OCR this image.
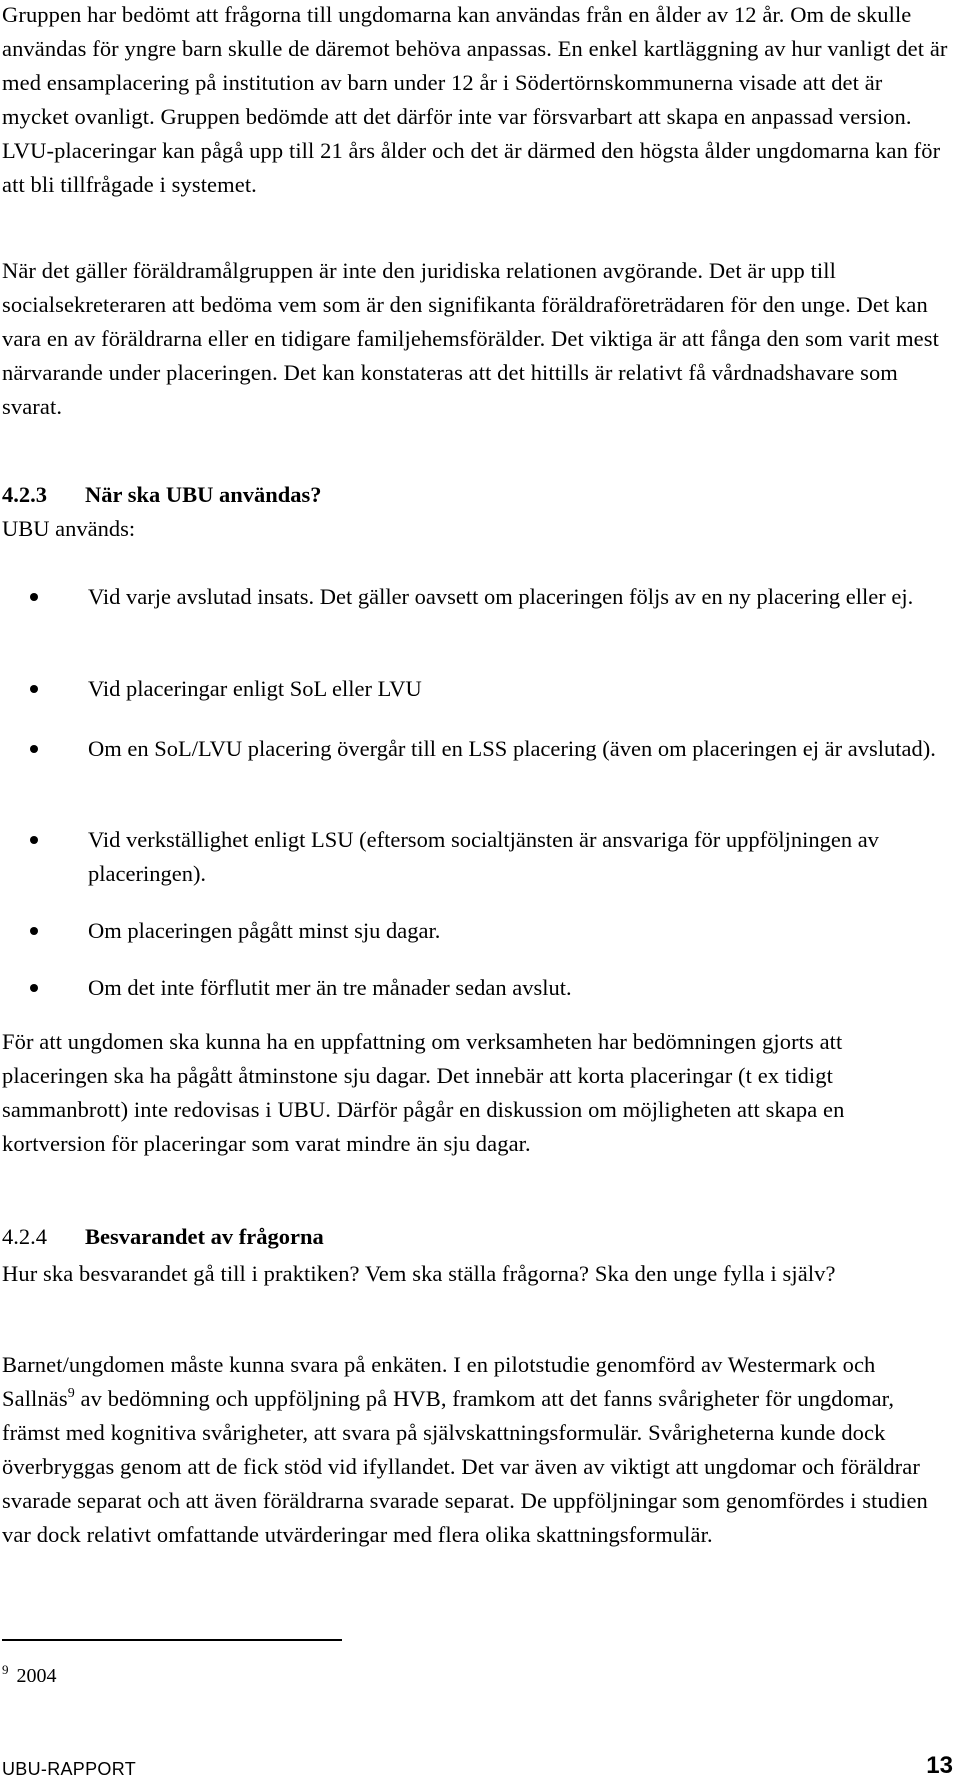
Gruppen har bedömt att frågorna till ungdomarna kan användas från en ålder av 12 år. Om de skulle användas för yngre barn skulle de däremot behöva anpassas. En enkel kartläggning av hur vanligt det är med ensamplacering på institution av barn under 12 år i Södertörnskommunerna visade att det är mycket ovanligt. Gruppen bedömde att det därför inte var försvarbart att skapa en anpassad version. LVU-placeringar kan pågå upp till 21 års ålder och det är därmed den högsta ålder ungdomarna kan för att bli tillfrågade i systemet.

När det gäller föräldramålgruppen är inte den juridiska relationen avgörande. Det är upp till socialsekreteraren att bedöma vem som är den signifikanta föräldraföreträdaren för den unge. Det kan vara en av föräldrarna eller en tidigare familjehemsförälder. Det viktiga är att fånga den som varit mest närvarande under placeringen. Det kan konstateras att det hittills är relativt få vårdnadshavare som svarat.

4.2.3 När ska UBU användas?
UBU används:
Vid varje avslutad insats. Det gäller oavsett om placeringen följs av en ny placering eller ej.
Vid placeringar enligt SoL eller LVU
Om en SoL/LVU placering övergår till en LSS placering (även om placeringen ej är avslutad).
Vid verkställighet enligt LSU (eftersom socialtjänsten är ansvariga för uppföljningen av placeringen).
Om placeringen pågått minst sju dagar.
Om det inte förflutit mer än tre månader sedan avslut.

För att ungdomen ska kunna ha en uppfattning om verksamheten har bedömningen gjorts att placeringen ska ha pågått åtminstone sju dagar. Det innebär att korta placeringar (t ex tidigt sammanbrott) inte redovisas i UBU. Därför pågår en diskussion om möjligheten att skapa en kortversion för placeringar som varat mindre än sju dagar.

4.2.4 Besvarandet av frågorna

Hur ska besvarandet gå till i praktiken? Vem ska ställa frågorna? Ska den unge fylla i själv?

Barnet/ungdomen måste kunna svara på enkäten. I en pilotstudie genomförd av Westermark och Sallnäs$^9$ av bedömning och uppföljning på HVB, framkom att det fanns svårigheter för ungdomar, främst med kognitiva svårigheter, att svara på självskattningsformulär. Svårigheterna kunde dock överbryggas genom att de fick stöd vid ifyllandet. Det var även av viktigt att ungdomar och föräldrar svarade separat och att även föräldrarna svarade separat. De uppföljningar som genomfördes i studien var dock relativt omfattande utvärderingar med flera olika skattningsformulär.

$^9$ 2004
UBU-RAPPORT	13
